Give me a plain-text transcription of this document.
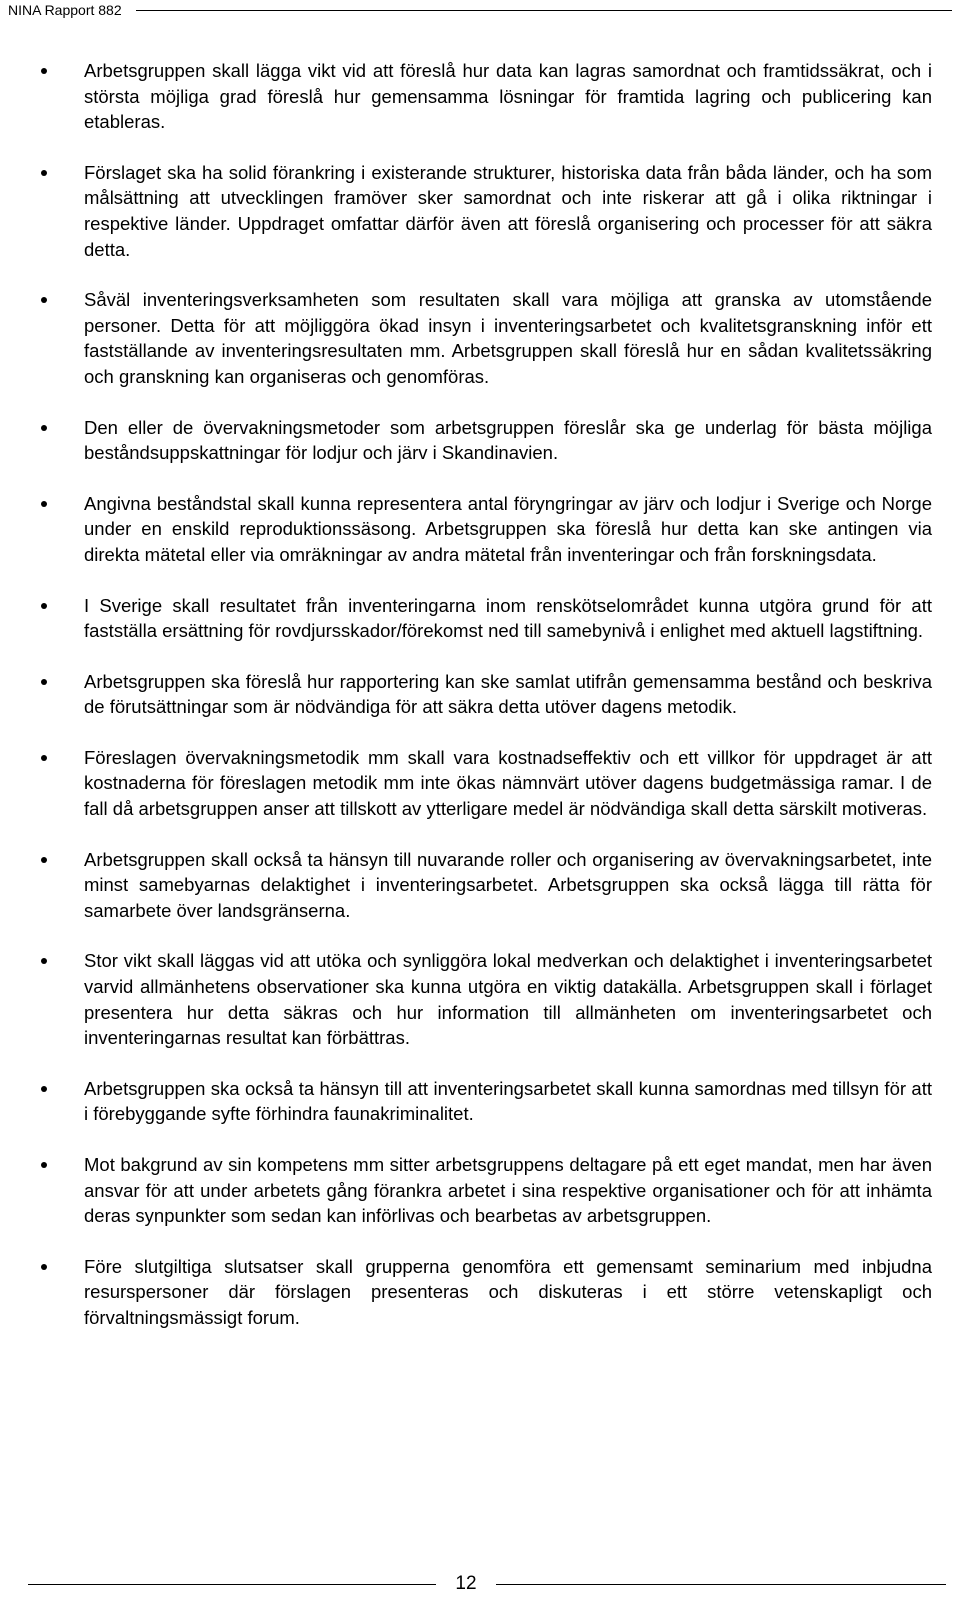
NINA Rapport 882
Arbetsgruppen skall lägga vikt vid att föreslå hur data kan lagras samordnat och framtidssäkrat, och i största möjliga grad föreslå hur gemensamma lösningar för framtida lagring och publicering kan etableras.
Förslaget ska ha solid förankring i existerande strukturer, historiska data från båda länder, och ha som målsättning att utvecklingen framöver sker samordnat och inte riskerar att gå i olika riktningar i respektive länder. Uppdraget omfattar därför även att föreslå organisering och processer för att säkra detta.
Såväl inventeringsverksamheten som resultaten skall vara möjliga att granska av utomstående personer. Detta för att möjliggöra ökad insyn i inventeringsarbetet och kvalitetsgranskning inför ett fastställande av inventeringsresultaten mm. Arbetsgruppen skall föreslå hur en sådan kvalitetssäkring och granskning kan organiseras och genomföras.
Den eller de övervakningsmetoder som arbetsgruppen föreslår ska ge underlag för bästa möjliga beståndsuppskattningar för lodjur och järv i Skandinavien.
Angivna beståndstal skall kunna representera antal föryngringar av järv och lodjur i Sverige och Norge under en enskild reproduktionssäsong. Arbetsgruppen ska föreslå hur detta kan ske antingen via direkta mätetal eller via omräkningar av andra mätetal från inventeringar och från forskningsdata.
I Sverige skall resultatet från inventeringarna inom renskötselområdet kunna utgöra grund för att fastställa ersättning för rovdjursskador/förekomst ned till samebynivå i enlighet med aktuell lagstiftning.
Arbetsgruppen ska föreslå hur rapportering kan ske samlat utifrån gemensamma bestånd och beskriva de förutsättningar som är nödvändiga för att säkra detta utöver dagens metodik.
Föreslagen övervakningsmetodik mm skall vara kostnadseffektiv och ett villkor för uppdraget är att kostnaderna för föreslagen metodik mm inte ökas nämnvärt utöver dagens budgetmässiga ramar. I de fall då arbetsgruppen anser att tillskott av ytterligare medel är nödvändiga skall detta särskilt motiveras.
Arbetsgruppen skall också ta hänsyn till nuvarande roller och organisering av övervakningsarbetet, inte minst samebyarnas delaktighet i inventeringsarbetet. Arbetsgruppen ska också lägga till rätta för samarbete över landsgränserna.
Stor vikt skall läggas vid att utöka och synliggöra lokal medverkan och delaktighet i inventeringsarbetet varvid allmänhetens observationer ska kunna utgöra en viktig datakälla. Arbetsgruppen skall i förlaget presentera hur detta säkras och hur information till allmänheten om inventeringsarbetet och inventeringarnas resultat kan förbättras.
Arbetsgruppen ska också ta hänsyn till att inventeringsarbetet skall kunna samordnas med tillsyn för att i förebyggande syfte förhindra faunakriminalitet.
Mot bakgrund av sin kompetens mm sitter arbetsgruppens deltagare på ett eget mandat, men har även ansvar för att under arbetets gång förankra arbetet i sina respektive organisationer och för att inhämta deras synpunkter som sedan kan införlivas och bearbetas av arbetsgruppen.
Före slutgiltiga slutsatser skall grupperna genomföra ett gemensamt seminarium med inbjudna resurspersoner där förslagen presenteras och diskuteras i ett större vetenskapligt och förvaltningsmässigt forum.
12
